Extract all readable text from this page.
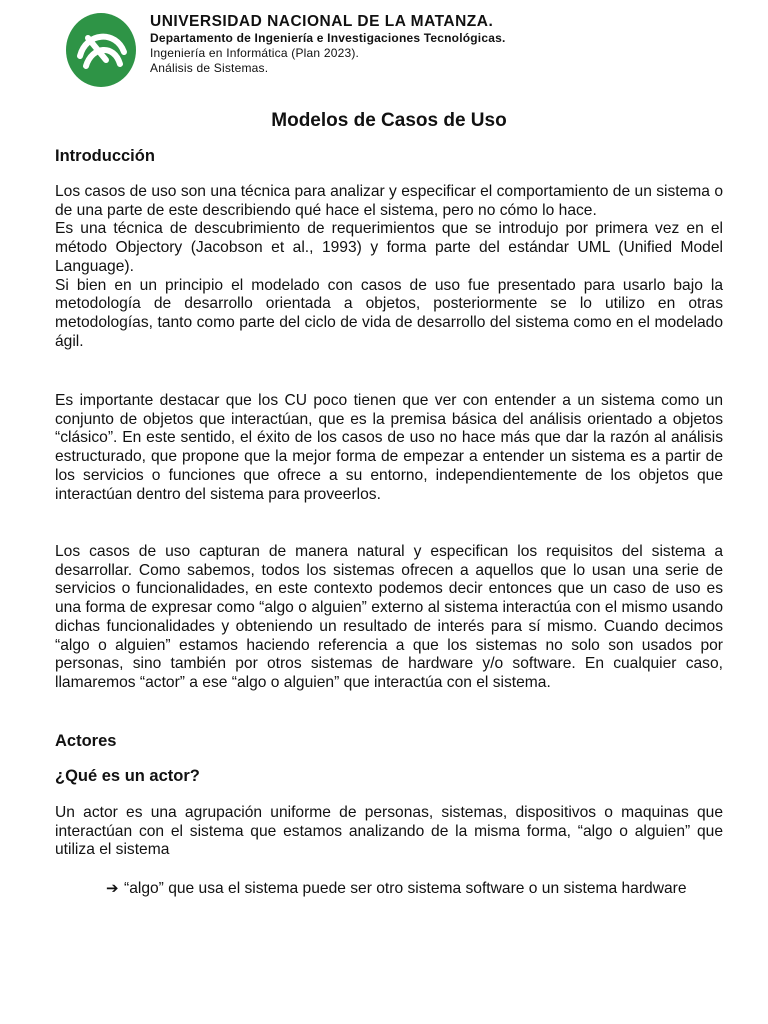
UNIVERSIDAD NACIONAL DE LA MATANZA.
Departamento de Ingeniería e Investigaciones Tecnológicas.
Ingeniería en Informática (Plan 2023).
Análisis de Sistemas.
Modelos de Casos de Uso
Introducción

Los casos de uso son una técnica para analizar y especificar el comportamiento de un sistema o de una parte de este describiendo qué hace el sistema, pero no cómo lo hace.

Es una técnica de descubrimiento de requerimientos que se introdujo por primera vez en el método Objectory (Jacobson et al., 1993) y forma parte del estándar UML (Unified Model Language).

Si bien en un principio el modelado con casos de uso fue presentado para usarlo bajo la metodología de desarrollo orientada a objetos, posteriormente se lo utilizo en otras metodologías, tanto como parte del ciclo de vida de desarrollo del sistema como en el modelado ágil.

Es importante destacar que los CU poco tienen que ver con entender a un sistema como un conjunto de objetos que interactúan, que es la premisa básica del análisis orientado a objetos “clásico”. En este sentido, el éxito de los casos de uso no hace más que dar la razón al análisis estructurado, que propone que la mejor forma de empezar a entender un sistema es a partir de los servicios o funciones que ofrece a su entorno, independientemente de los objetos que interactúan dentro del sistema para proveerlos.
Los casos de uso capturan de manera natural y especifican los requisitos del sistema a desarrollar. Como sabemos, todos los sistemas ofrecen a aquellos que lo usan una serie de servicios o funcionalidades, en este contexto podemos decir entonces que un caso de uso es una forma de expresar como “algo o alguien” externo al sistema interactúa con el mismo usando dichas funcionalidades y obteniendo un resultado de interés para sí mismo. Cuando decimos “algo o alguien” estamos haciendo referencia a que los sistemas no solo son usados por personas, sino también por otros sistemas de hardware y/o software. En cualquier caso, llamaremos “actor” a ese “algo o alguien” que interactúa con el sistema.
Actores
¿Qué es un actor?
Un actor es una agrupación uniforme de personas, sistemas, dispositivos o maquinas que interactúan con el sistema que estamos analizando de la misma forma, “algo o alguien” que utiliza el sistema
➔ “algo” que usa el sistema puede ser otro sistema software o un sistema hardware
